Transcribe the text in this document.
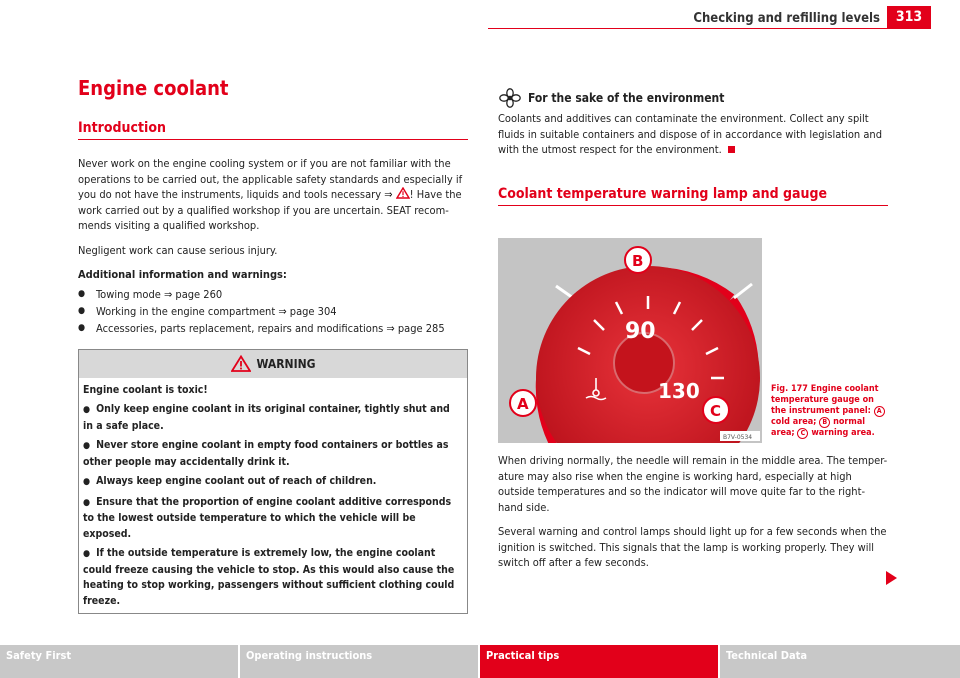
Checking and refilling levels	313
Engine coolant
Introduction

Never work on the engine cooling system or if you are not familiar with the operations to be carried out, the applicable safety standards and especially if you do not have the instruments, liquids and tools necessary ⇒ ! Have the work carried out by a qualified workshop if you are uncertain. SEAT recom-mends visiting a qualified workshop.

Negligent work can cause serious injury.

Additional information and warnings:

● Towing mode ⇒ page 260
● Working in the engine compartment ⇒ page 304
● Accessories, parts replacement, repairs and modifications ⇒ page 285
WARNING
Engine coolant is toxic!
● Only keep engine coolant in its original container, tightly shut and in a safe place.
● Never store engine coolant in empty food containers or bottles as other people may accidentally drink it.
● Always keep engine coolant out of reach of children.
● Ensure that the proportion of engine coolant additive corresponds to the lowest outside temperature to which the vehicle will be exposed.
● If the outside temperature is extremely low, the engine coolant could freeze causing the vehicle to stop. As this would also cause the heating to stop working, passengers without sufficient clothing could freeze.
For the sake of the environment

Coolants and additives can contaminate the environment. Collect any spilt fluids in suitable containers and dispose of in accordance with legislation and with the utmost respect for the environment.

Coolant temperature warning lamp and gauge
90
130
B
A	C
B7V-0534
Fig. 177 Engine coolant temperature gauge on the instrument panel: A cold area; B normal area; C warning area.

When driving normally, the needle will remain in the middle area. The temper-ature may also rise when the engine is working hard, especially at high outside temperatures and so the indicator will move quite far to the right-hand side.

Several warning and control lamps should light up for a few seconds when the ignition is switched. This signals that the lamp is working properly. They will switch off after a few seconds.

Safety First	Operating instructions	Practical tips	Technical Data
